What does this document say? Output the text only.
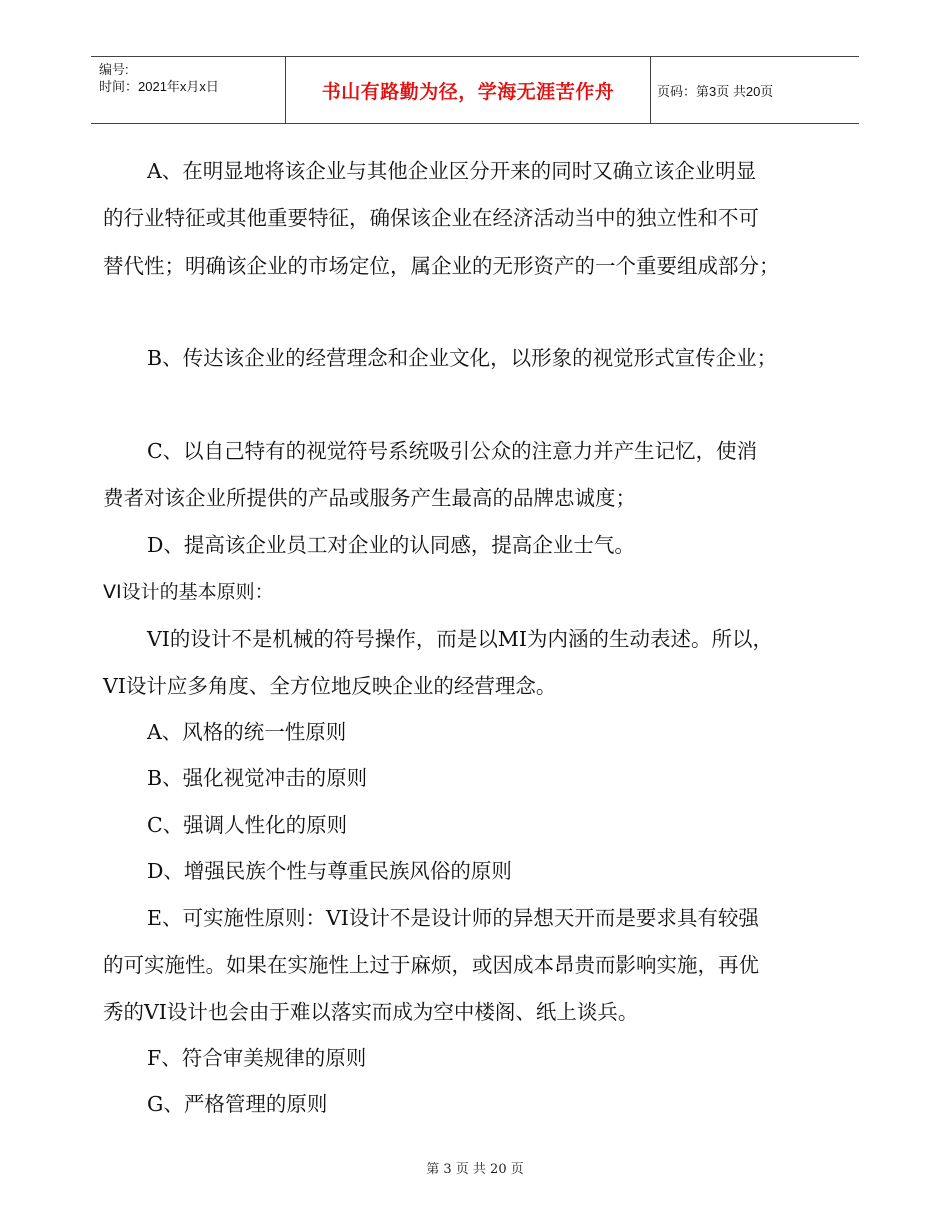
编号:
时间：2021年x月x日	书山有路勤为径，学海无涯苦作舟	页码：第3页 共20页
A、在明显地将该企业与其他企业区分开来的同时又确立该企业明显
的行业特征或其他重要特征，确保该企业在经济活动当中的独立性和不可
替代性；明确该企业的市场定位，属企业的无形资产的一个重要组成部分；
B、传达该企业的经营理念和企业文化，以形象的视觉形式宣传企业；
C、以自己特有的视觉符号系统吸引公众的注意力并产生记忆，使消
费者对该企业所提供的产品或服务产生最高的品牌忠诚度；
D、提高该企业员工对企业的认同感，提高企业士气。
VI设计的基本原则：
VI的设计不是机械的符号操作，而是以MI为内涵的生动表述。所以，
VI设计应多角度、全方位地反映企业的经营理念。
A、风格的统一性原则
B、强化视觉冲击的原则
C、强调人性化的原则
D、增强民族个性与尊重民族风俗的原则
E、可实施性原则：VI设计不是设计师的异想天开而是要求具有较强
的可实施性。如果在实施性上过于麻烦，或因成本昂贵而影响实施，再优
秀的VI设计也会由于难以落实而成为空中楼阁、纸上谈兵。
F、符合审美规律的原则
G、严格管理的原则
第 3 页 共 20 页
